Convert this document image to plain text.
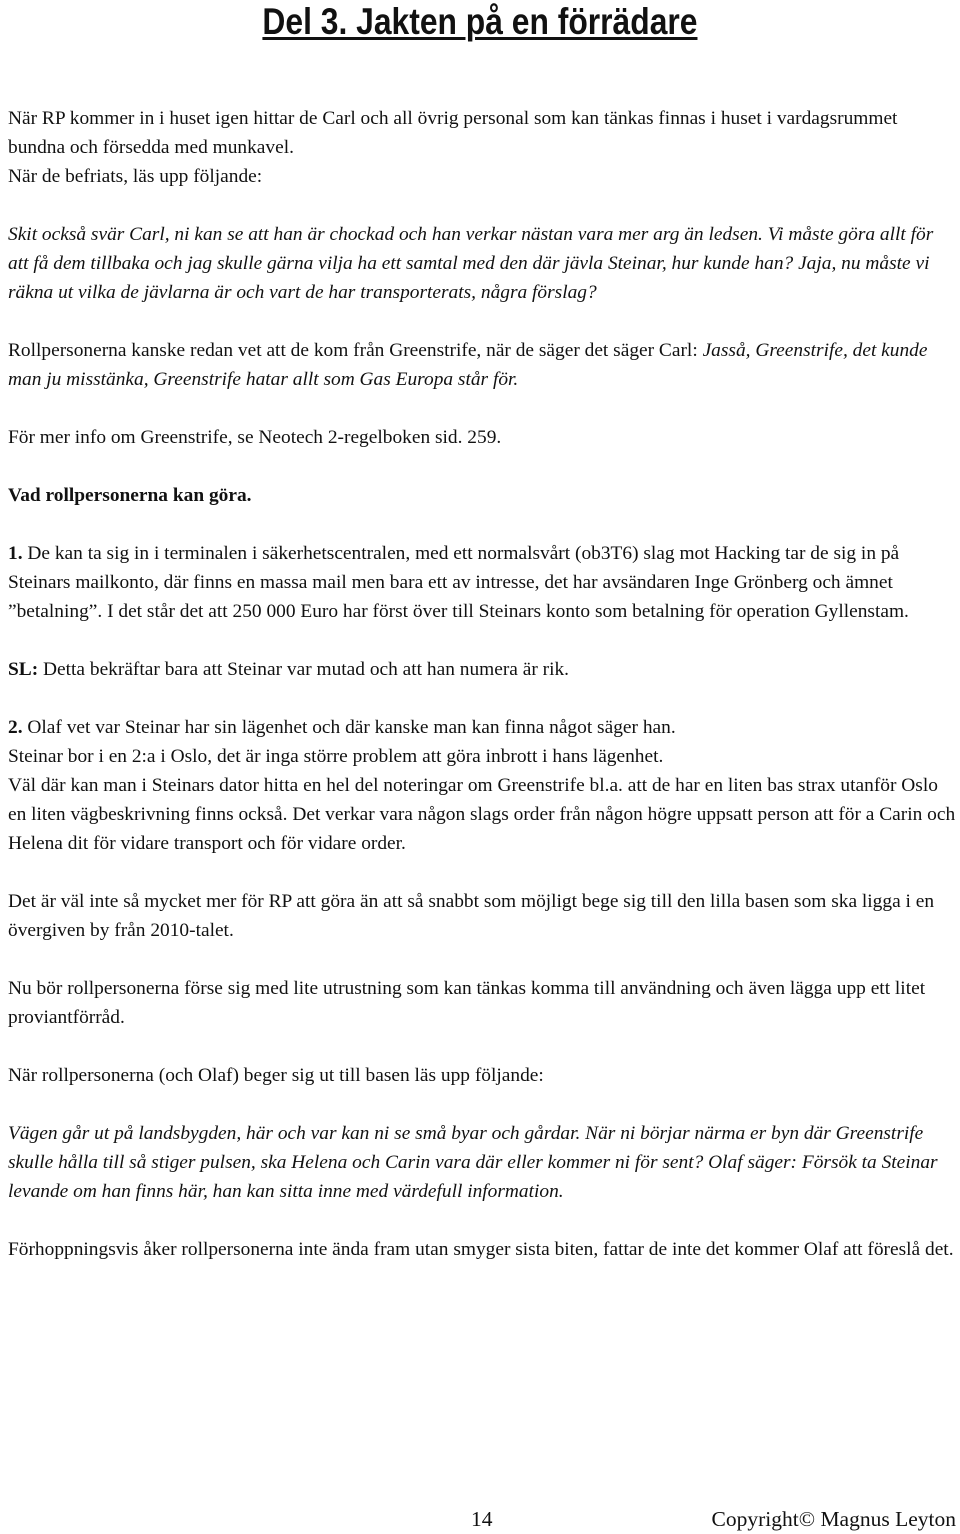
Del 3. Jakten på en förrädare

När RP kommer in i huset igen hittar de Carl och all övrig personal som kan tänkas finnas i huset i vardagsrummet bundna och försedda med munkavel.

När de befriats, läs upp följande:

Skit också svär Carl, ni kan se att han är chockad och han verkar nästan vara mer arg än ledsen. Vi måste göra allt för att få dem tillbaka och jag skulle gärna vilja ha ett samtal med den där jävla Steinar, hur kunde han? Jaja, nu måste vi räkna ut vilka de jävlarna är och vart de har transporterats, några förslag?

Rollpersonerna kanske redan vet att de kom från Greenstrife, när de säger det säger Carl: Jasså, Greenstrife, det kunde man ju misstänka, Greenstrife hatar allt som Gas Europa står för.

För mer info om Greenstrife, se Neotech 2-regelboken sid. 259.

Vad rollpersonerna kan göra.

1. De kan ta sig in i terminalen i säkerhetscentralen, med ett normalsvårt (ob3T6) slag mot Hacking tar de sig in på Steinars mailkonto, där finns en massa mail men bara ett av intresse, det har avsändaren Inge Grönberg och ämnet ”betalning”. I det står det att 250 000 Euro har först över till Steinars konto som betalning för operation Gyllenstam.

SL: Detta bekräftar bara att Steinar var mutad och att han numera är rik.

2. Olaf vet var Steinar har sin lägenhet och där kanske man kan finna något säger han.

Steinar bor i en 2:a i Oslo, det är inga större problem att göra inbrott i hans lägenhet.

Väl där kan man i Steinars dator hitta en hel del noteringar om Greenstrife bl.a. att de har en liten bas strax utanför Oslo en liten vägbeskrivning finns också. Det verkar vara någon slags order från någon högre uppsatt person att för a Carin och Helena dit för vidare transport och för vidare order.

Det är väl inte så mycket mer för RP att göra än att så snabbt som möjligt bege sig till den lilla basen som ska ligga i en övergiven by från 2010-talet.

Nu bör rollpersonerna förse sig med lite utrustning som kan tänkas komma till användning och även lägga upp ett litet proviantförråd.

När rollpersonerna (och Olaf) beger sig ut till basen läs upp följande:

Vägen går ut på landsbygden, här och var kan ni se små byar och gårdar. När ni börjar närma er byn där Greenstrife skulle hålla till så stiger pulsen, ska Helena och Carin vara där eller kommer ni för sent? Olaf säger: Försök ta Steinar levande om han finns här, han kan sitta inne med värdefull information.

Förhoppningsvis åker rollpersonerna inte ända fram utan smyger sista biten, fattar de inte det kommer Olaf att föreslå det.

14	Copyright© Magnus Leyton
